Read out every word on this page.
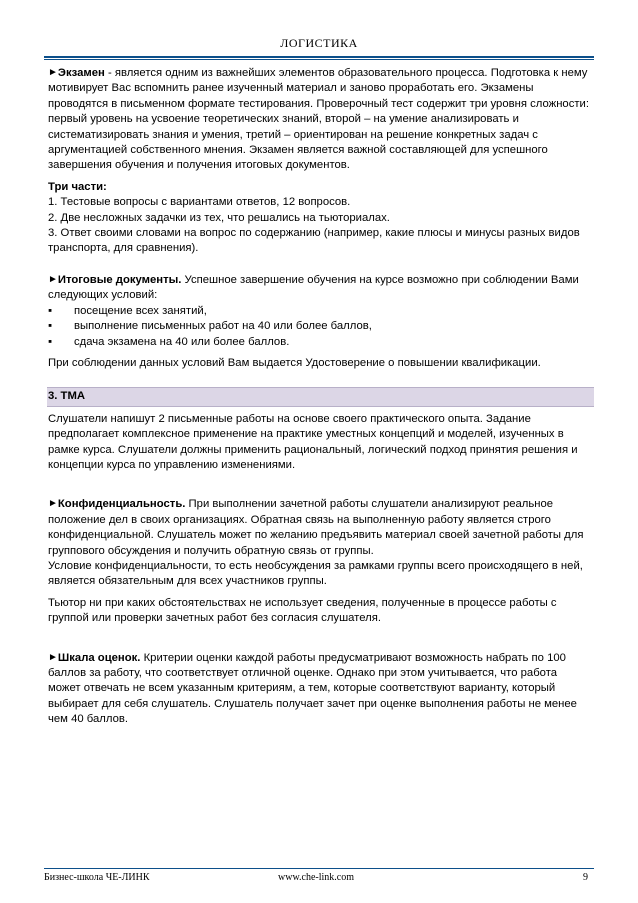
ЛОГИСТИКА

►Экзамен - является одним из важнейших элементов образовательного процесса. Подготовка к нему мотивирует Вас вспомнить ранее изученный материал и заново проработать его. Экзамены проводятся в письменном формате тестирования. Проверочный тест содержит три уровня сложности: первый уровень на усвоение теоретических знаний, второй – на умение анализировать и систематизировать знания и умения, третий – ориентирован на решение конкретных задач с аргументацией собственного мнения. Экзамен является важной составляющей для успешного завершения обучения и получения итоговых документов.

Три части:

1. Тестовые вопросы с вариантами ответов, 12 вопросов.

2. Две несложных задачки из тех, что решались на тьюториалах.

3. Ответ своими словами на вопрос по содержанию (например, какие плюсы и минусы разных видов транспорта, для сравнения).

►Итоговые документы. Успешное завершение обучения на курсе возможно при соблюдении Вами следующих условий:

▪ посещение всех занятий,
▪ выполнение письменных работ на 40 или более баллов,
▪ сдача экзамена на 40 или более баллов.

При соблюдении данных условий Вам выдается Удостоверение о повышении квалификации.

3. TMA

Слушатели напишут 2 письменные работы на основе своего практического опыта. Задание предполагает комплексное применение на практике уместных концепций и моделей, изученных в рамке курса. Слушатели должны применить рациональный, логический подход принятия решения и концепции курса по управлению изменениями.

►Конфиденциальность. При выполнении зачетной работы слушатели анализируют реальное положение дел в своих организациях. Обратная связь на выполненную работу является строго конфиденциальной. Слушатель может по желанию предъявить материал своей зачетной работы для группового обсуждения и получить обратную связь от группы.

Условие конфиденциальности, то есть необсуждения за рамками группы всего происходящего в ней, является обязательным для всех участников группы.

Тьютор ни при каких обстоятельствах не использует сведения, полученные в процессе работы с группой или проверки зачетных работ без согласия слушателя.

►Шкала оценок. Критерии оценки каждой работы предусматривают возможность набрать по 100 баллов за работу, что соответствует отличной оценке. Однако при этом учитывается, что работа может отвечать не всем указанным критериям, а тем, которые соответствуют варианту, который выбирает для себя слушатель. Слушатель получает зачет при оценке выполнения работы не менее чем 40 баллов.

Бизнес-школа ЧЕ-ЛИНК	www.che-link.com	9
